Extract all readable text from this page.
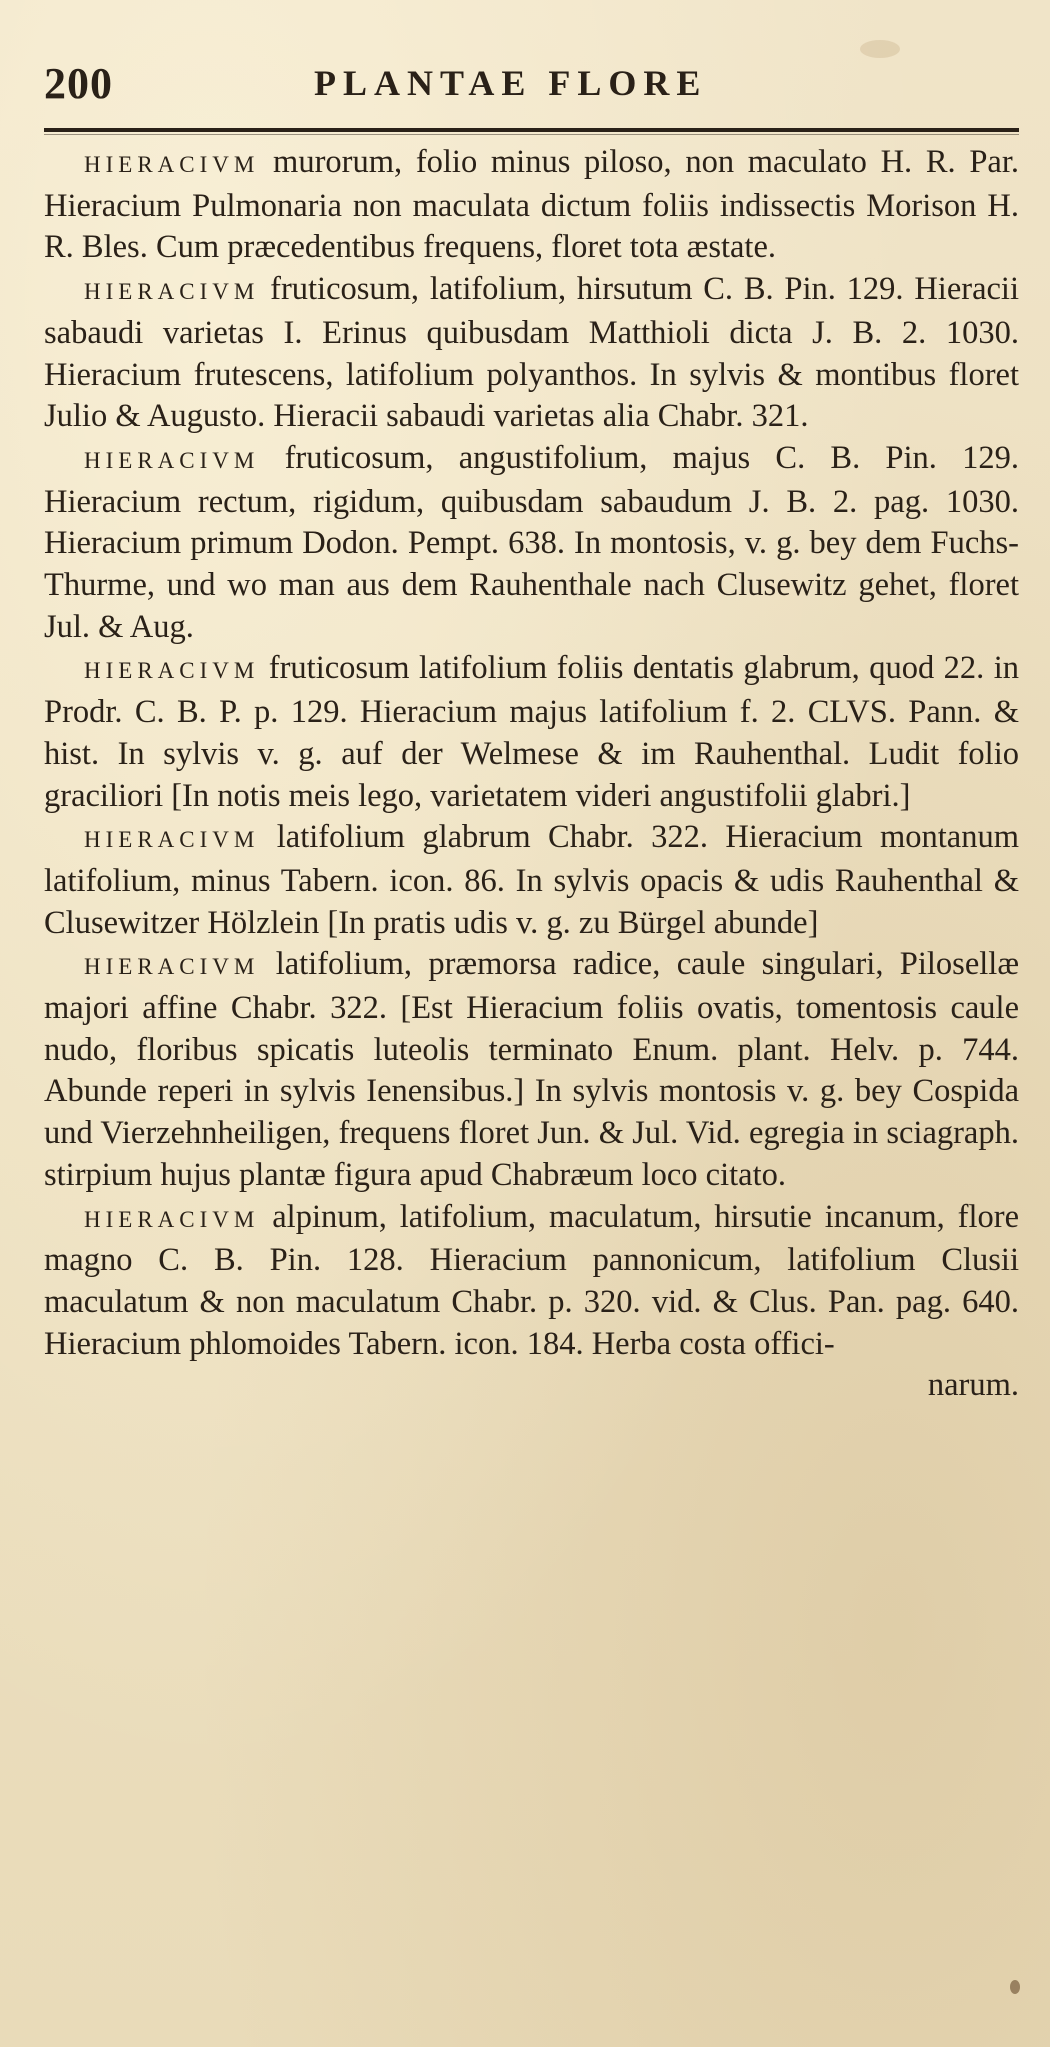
200	PLANTAE FLORE

HIERACIVM murorum, folio minus piloso, non maculato H. R. Par. Hieracium Pulmonaria non maculata dictum foliis indissectis Morison H. R. Bles. Cum præcedentibus frequens, floret tota æstate.

HIERACIVM fruticosum, latifolium, hirsutum C. B. Pin. 129. Hieracii sabaudi varietas I. Erinus quibusdam Matthioli dicta J. B. 2. 1030. Hieracium frutescens, latifolium polyanthos. In sylvis & montibus floret Julio & Augusto. Hieracii sabaudi varietas alia Chabr. 321.

HIERACIVM fruticosum, angustifolium, majus C. B. Pin. 129. Hieracium rectum, rigidum, quibusdam sabaudum J. B. 2. pag. 1030. Hieracium primum Dodon. Pempt. 638. In montosis, v. g. bey dem Fuchs-Thurme, und wo man aus dem Rauhenthale nach Clusewitz gehet, floret Jul. & Aug.

HIERACIVM fruticosum latifolium foliis dentatis glabrum, quod 22. in Prodr. C. B. P. p. 129. Hieracium majus latifolium f. 2. CLVS. Pann. & hist. In sylvis v. g. auf der Welmese & im Rauhenthal. Ludit folio graciliori [In notis meis lego, varietatem videri angustifolii glabri.]

HIERACIVM latifolium glabrum Chabr. 322. Hieracium montanum latifolium, minus Tabern. icon. 86. In sylvis opacis & udis Rauhenthal & Clusewitzer Hölzlein [In pratis udis v. g. zu Bürgel abunde]

HIERACIVM latifolium, præmorsa radice, caule singulari, Pilosellæ majori affine Chabr. 322. [Est Hieracium foliis ovatis, tomentosis caule nudo, floribus spicatis luteolis terminato Enum. plant. Helv. p. 744. Abunde reperi in sylvis Ienensibus.] In sylvis montosis v. g. bey Cospida und Vierzehnheiligen, frequens floret Jun. & Jul. Vid. egregia in sciagraph. stirpium hujus plantæ figura apud Chabræum loco citato.

HIERACIVM alpinum, latifolium, maculatum, hirsutie incanum, flore magno C. B. Pin. 128. Hieracium pannonicum, latifolium Clusii maculatum & non maculatum Chabr. p. 320. vid. & Clus. Pan. pag. 640. Hieracium phlomoides Tabern. icon. 184. Herba costa offici-

narum.
